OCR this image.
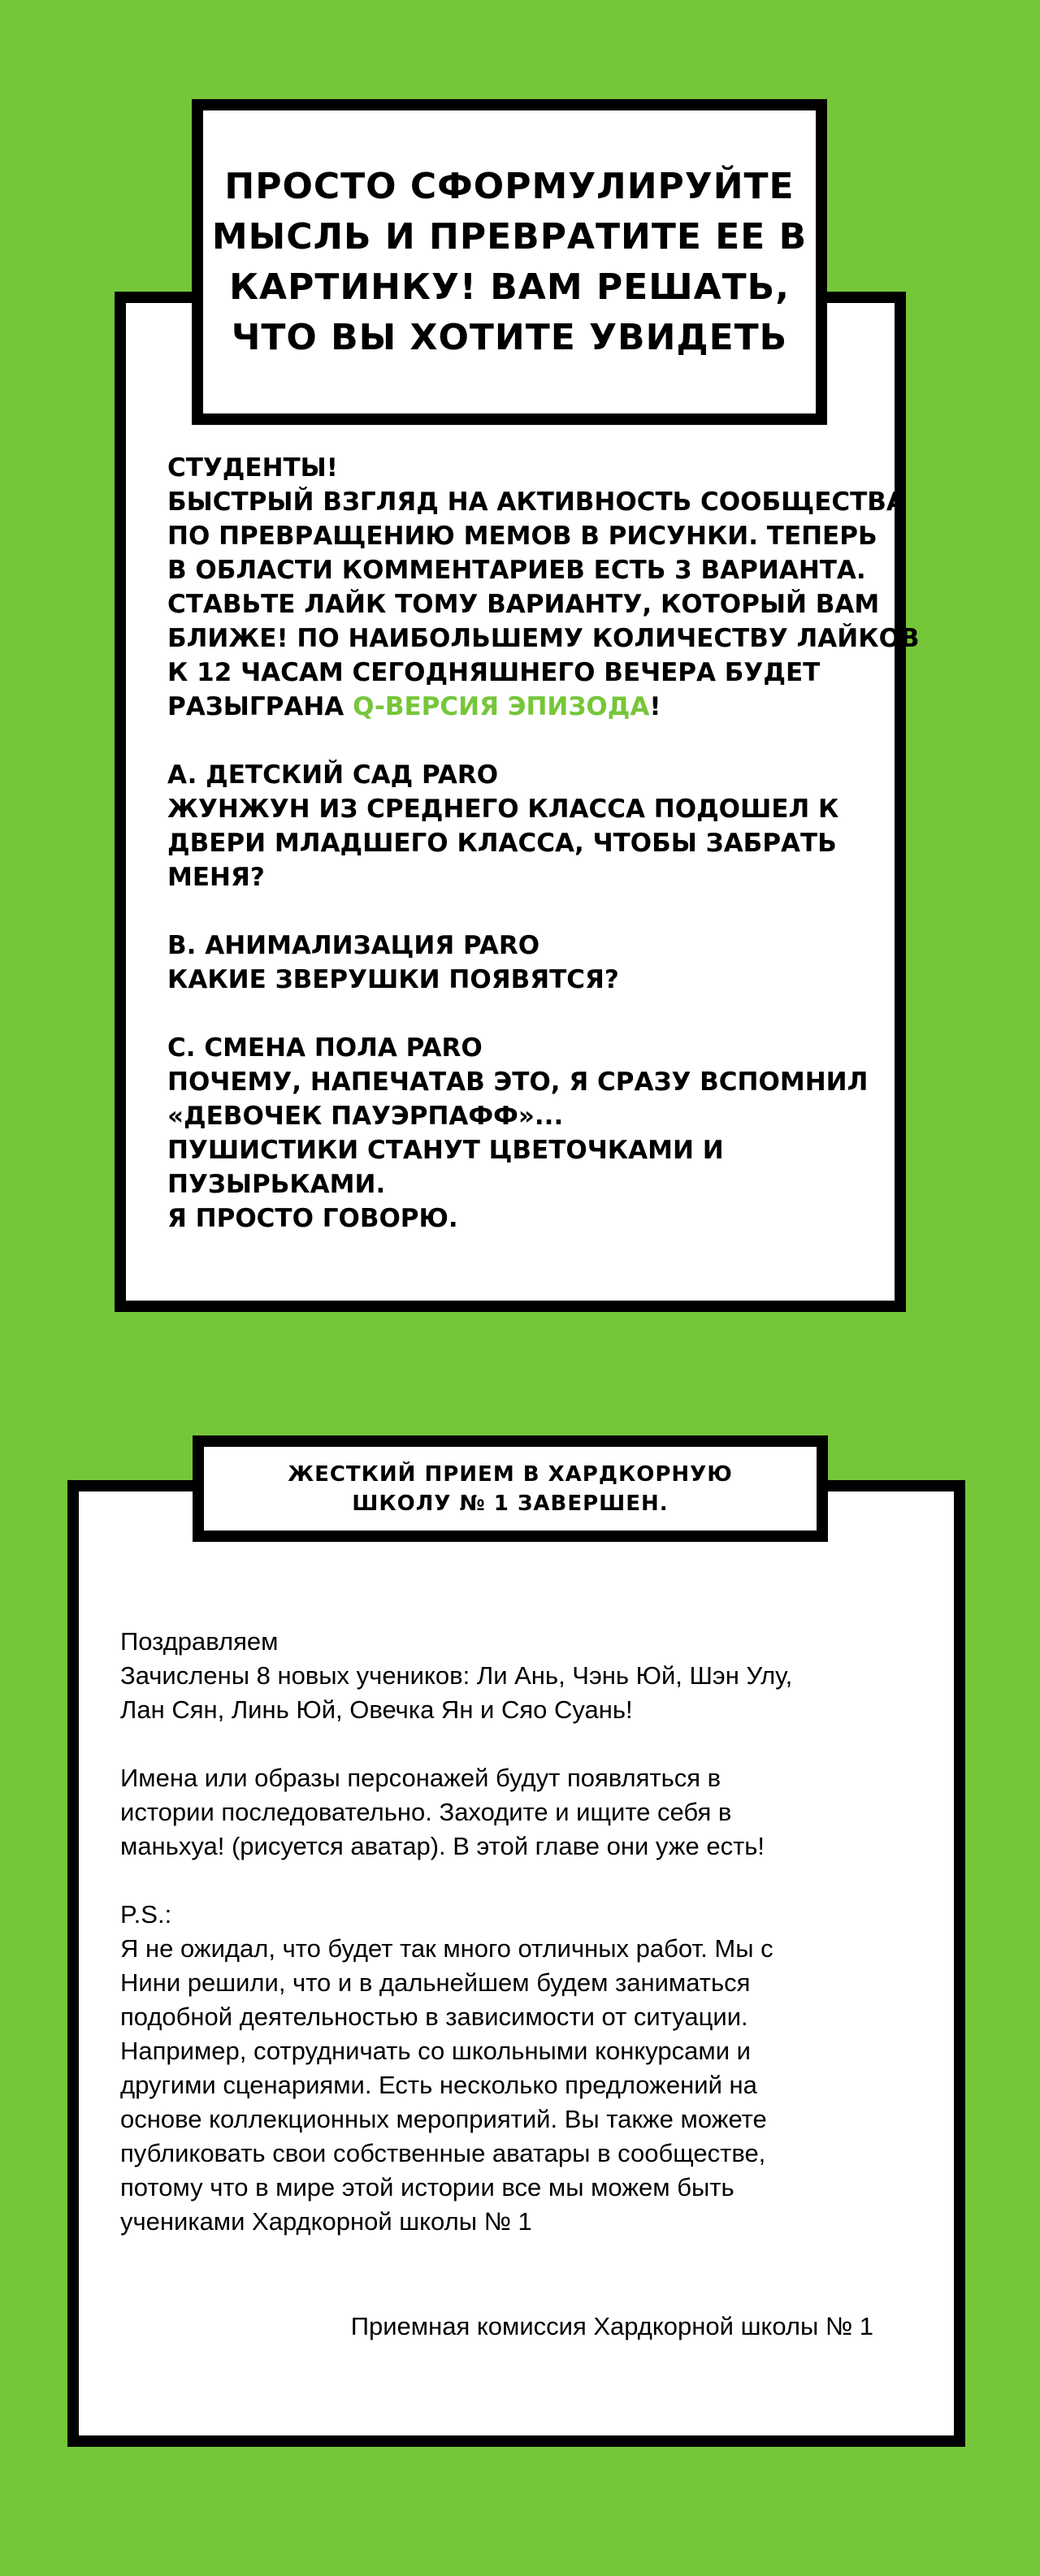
ПРОСТО СФОРМУЛИРУЙТЕ
МЫСЛЬ И ПРЕВРАТИТЕ ЕЕ В
КАРТИНКУ! ВАМ РЕШАТЬ,
ЧТО ВЫ ХОТИТЕ УВИДЕТЬ
СТУДЕНТЫ!
БЫСТРЫЙ ВЗГЛЯД НА АКТИВНОСТЬ СООБЩЕСТВА
ПО ПРЕВРАЩЕНИЮ МЕМОВ В РИСУНКИ. ТЕПЕРЬ
В ОБЛАСТИ КОММЕНТАРИЕВ ЕСТЬ 3 ВАРИАНТА.
СТАВЬТЕ ЛАЙК ТОМУ ВАРИАНТУ, КОТОРЫЙ ВАМ
БЛИЖЕ! ПО НАИБОЛЬШЕМУ КОЛИЧЕСТВУ ЛАЙКОВ
К 12 ЧАСАМ СЕГОДНЯШНЕГО ВЕЧЕРА БУДЕТ
РАЗЫГРАНА Q-ВЕРСИЯ ЭПИЗОДА!
A. ДЕТСКИЙ САД PARO
ЖУНЖУН ИЗ СРЕДНЕГО КЛАССА ПОДОШЕЛ К
ДВЕРИ МЛАДШЕГО КЛАССА, ЧТОБЫ ЗАБРАТЬ
МЕНЯ?
B. АНИМАЛИЗАЦИЯ PARO
КАКИЕ ЗВЕРУШКИ ПОЯВЯТСЯ?
C. СМЕНА ПОЛА PARO
ПОЧЕМУ, НАПЕЧАТАВ ЭТО, Я СРАЗУ ВСПОМНИЛ
«ДЕВОЧЕК ПАУЭРПАФФ»...
ПУШИСТИКИ СТАНУТ ЦВЕТОЧКАМИ И
ПУЗЫРЬКАМИ.
Я ПРОСТО ГОВОРЮ.
ЖЕСТКИЙ ПРИЕМ В ХАРДКОРНУЮ
ШКОЛУ № 1 ЗАВЕРШЕН.
Поздравляем
Зачислены 8 новых учеников: Ли Ань, Чэнь Юй, Шэн Улу,
Лан Сян, Линь Юй, Овечка Ян и Сяо Суань!
Имена или образы персонажей будут появляться в
истории последовательно. Заходите и ищите себя в
маньхуа! (рисуется аватар). В этой главе они уже есть!
P.S.:
Я не ожидал, что будет так много отличных работ. Мы с
Нини решили, что и в дальнейшем будем заниматься
подобной деятельностью в зависимости от ситуации.
Например, сотрудничать со школьными конкурсами и
другими сценариями. Есть несколько предложений на
основе коллекционных мероприятий. Вы также можете
публиковать свои собственные аватары в сообществе,
потому что в мире этой истории все мы можем быть
учениками Хардкорной школы № 1
Приемная комиссия Хардкорной школы № 1
